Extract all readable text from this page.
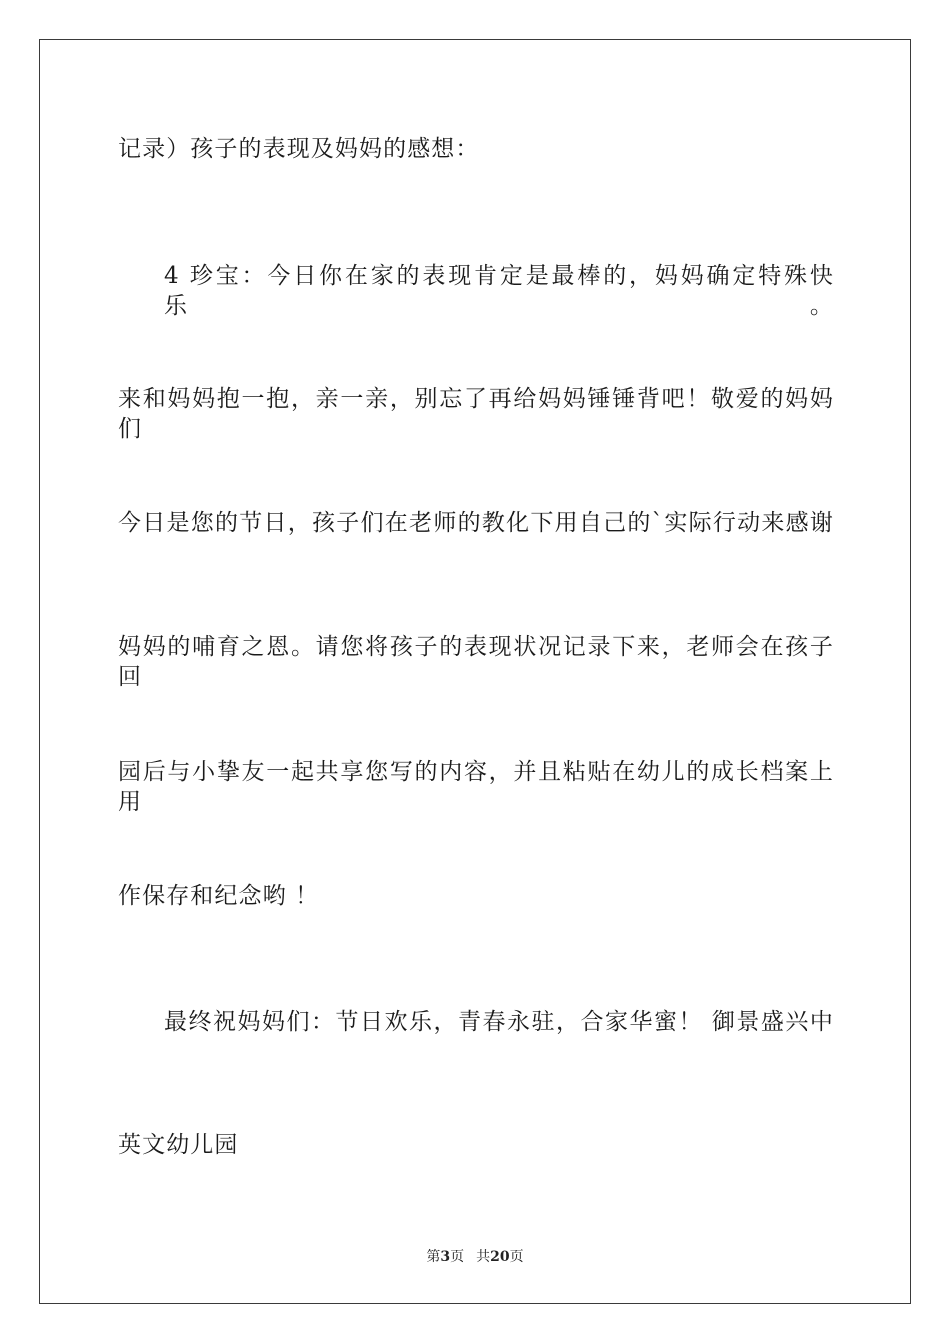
记录）孩子的表现及妈妈的感想：
4 珍宝：今日你在家的表现肯定是最棒的，妈妈确定特殊快乐。
来和妈妈抱一抱，亲一亲，别忘了再给妈妈锤锤背吧！敬爱的妈妈们
今日是您的节日，孩子们在老师的教化下用自己的`实际行动来感谢
妈妈的哺育之恩。请您将孩子的表现状况记录下来，老师会在孩子回
园后与小挚友一起共享您写的内容，并且粘贴在幼儿的成长档案上用
作保存和纪念哟 ！
最终祝妈妈们：节日欢乐，青春永驻，合家华蜜！ 御景盛兴中
英文幼儿园
第3页 共20页
